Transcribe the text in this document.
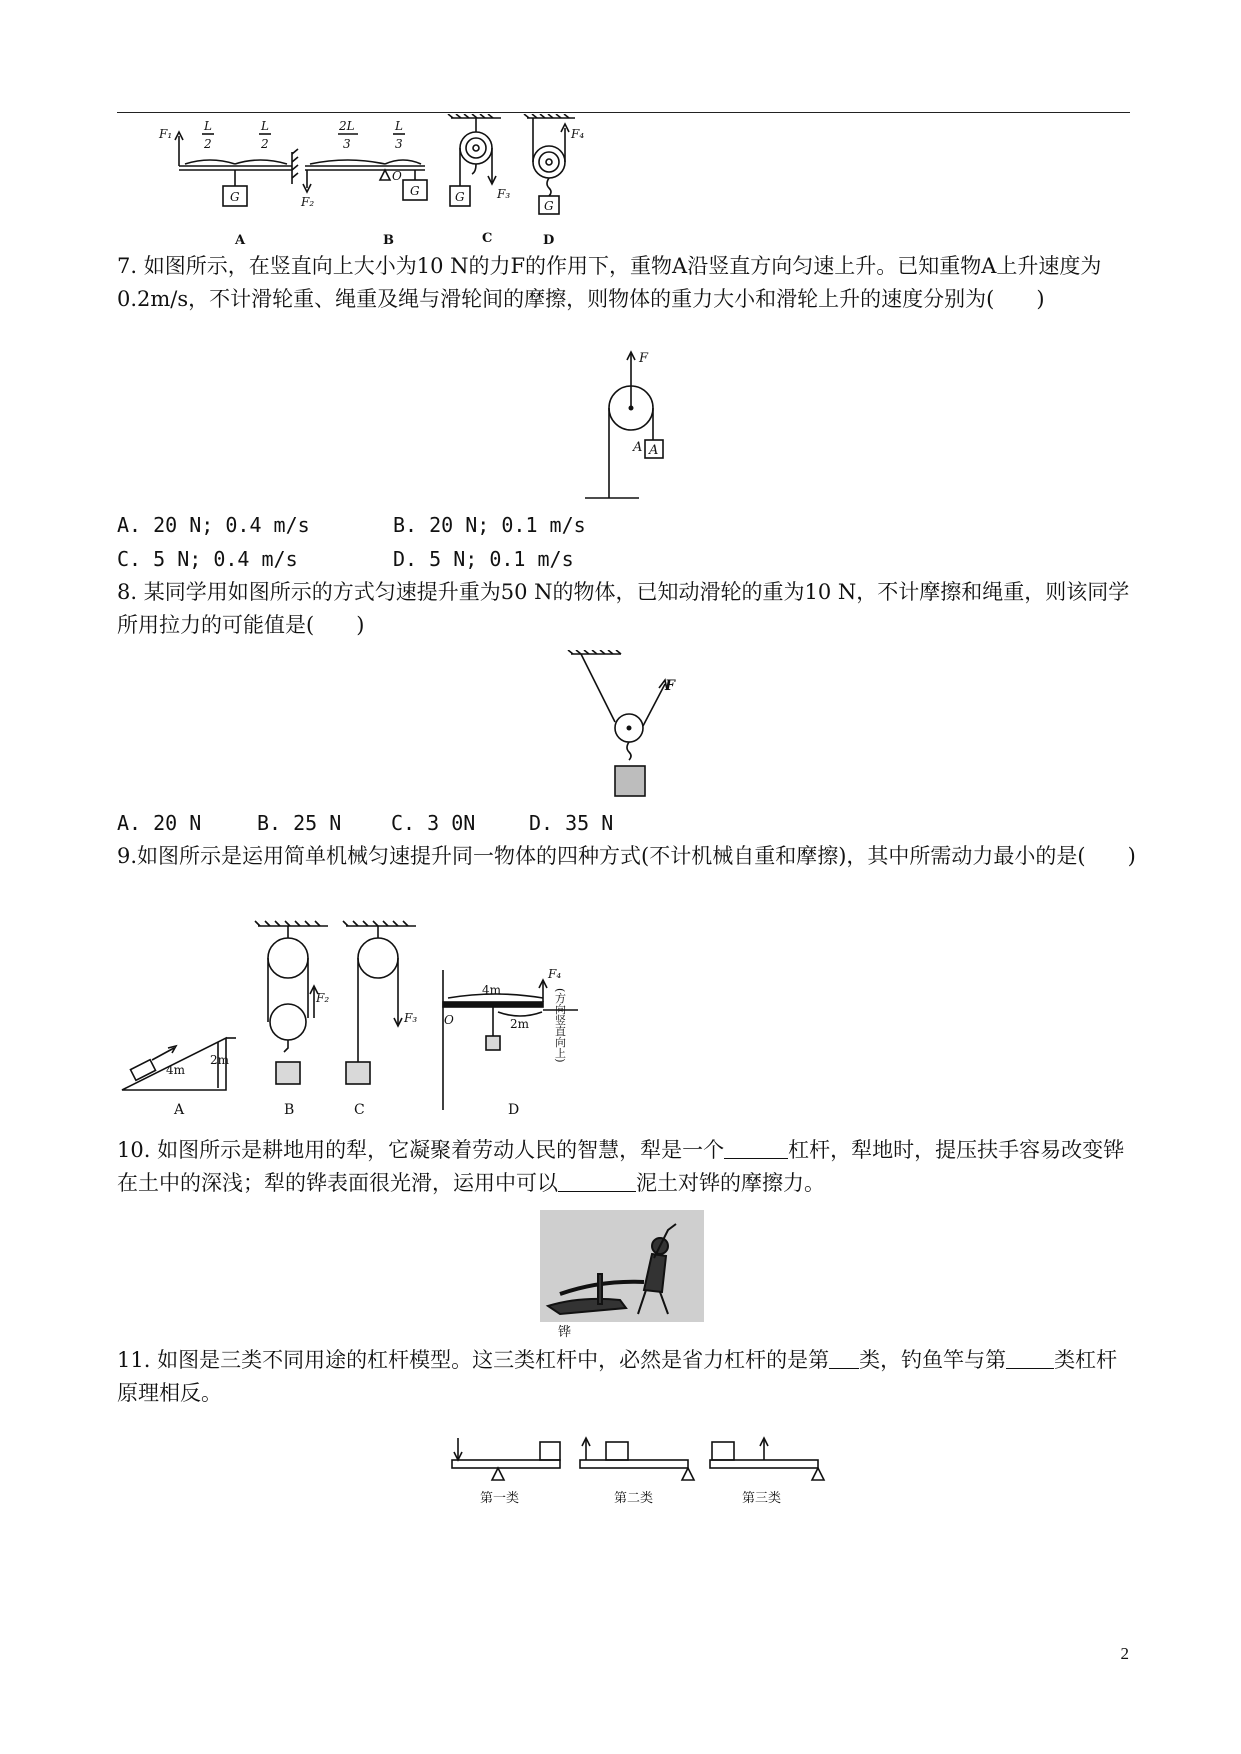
F₁
F₂
F₃
F₄
L
2
L
2
2L
3
L
3
O
G	G	G
G
A	B	C	D

7. 如图所示，在竖直向上大小为10 N的力F的作用下，重物A沿竖直方向匀速上升。已知重物A上升速度为0.2m/s，不计滑轮重、绳重及绳与滑轮间的摩擦，则物体的重力大小和滑轮上升的速度分别为(　　)

F
A A
A. 20 N; 0.4 m/s	B. 20 N; 0.1 m/s
C. 5 N; 0.4 m/s	D. 5 N; 0.1 m/s

8. 某同学用如图所示的方式匀速提升重为50 N的物体，已知动滑轮的重为10 N，不计摩擦和绳重，则该同学所用拉力的可能值是(　　)

F
A. 20 N	B. 25 N C. 3 0N	D. 35 N

9.如图所示是运用简单机械匀速提升同一物体的四种方式(不计机械自重和摩擦)，其中所需动力最小的是(　　)

4m
2m
F₂
F₃
F₄
4m
2m
O	(方向竖直向上)
A	B	C	D

10. 如图所示是耕地用的犁，它凝聚着劳动人民的智慧，犁是一个	杠杆，犁地时，提压扶手容易改变铧在土中的深浅；犁的铧表面很光滑，运用中可以	泥土对铧的摩擦力。

铧

11. 如图是三类不同用途的杠杆模型。这三类杠杆中，必然是省力杠杆的是第 类，钓鱼竿与第 类杠杆原理相反。

第一类	第二类	第三类
2
